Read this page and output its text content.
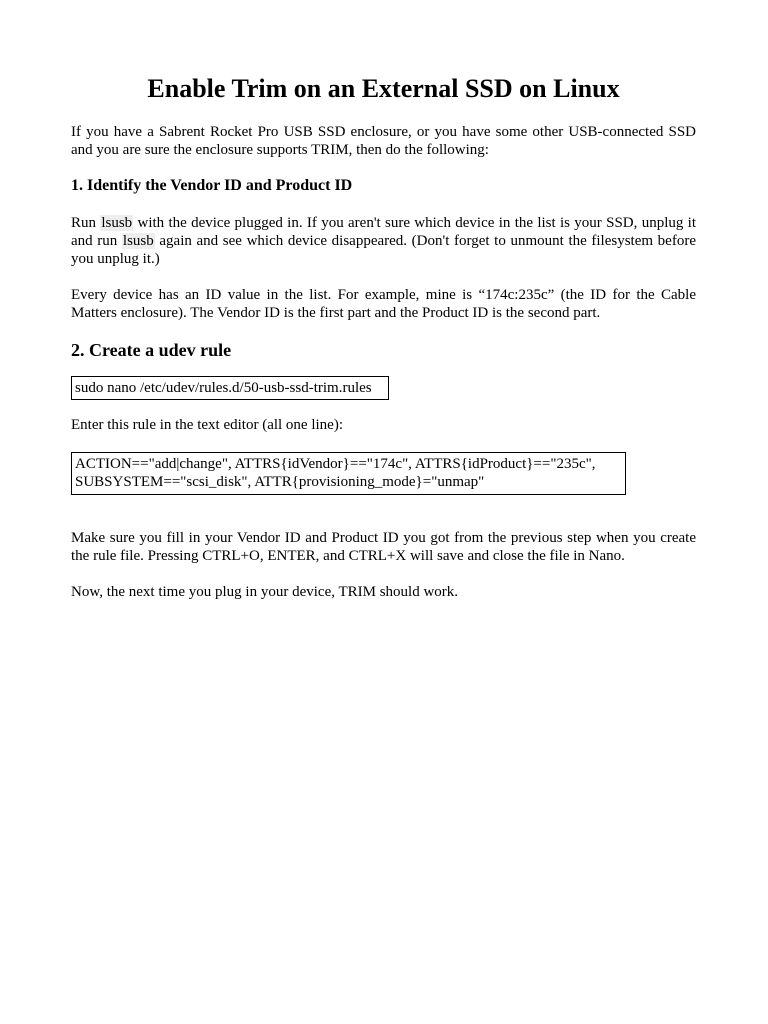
Enable Trim on an External SSD on Linux

If you have a Sabrent Rocket Pro USB SSD enclosure, or you have some other USB-connected SSD and you are sure the enclosure supports TRIM, then do the following:

1. Identify the Vendor ID and Product ID

Run lsusb with the device plugged in. If you aren't sure which device in the list is your SSD, unplug it and run lsusb again and see which device disappeared. (Don't forget to unmount the filesystem before you unplug it.)

Every device has an ID value in the list. For example, mine is “174c:235c” (the ID for the Cable Matters enclosure). The Vendor ID is the first part and the Product ID is the second part.

2. Create a udev rule
sudo nano /etc/udev/rules.d/50-usb-ssd-trim.rules

Enter this rule in the text editor (all one line):

ACTION=="add|change", ATTRS{idVendor}=="174c", ATTRS{idProduct}=="235c",
SUBSYSTEM=="scsi_disk", ATTR{provisioning_mode}="unmap"

Make sure you fill in your Vendor ID and Product ID you got from the previous step when you create the rule file. Pressing CTRL+O, ENTER, and CTRL+X will save and close the file in Nano.

Now, the next time you plug in your device, TRIM should work.
